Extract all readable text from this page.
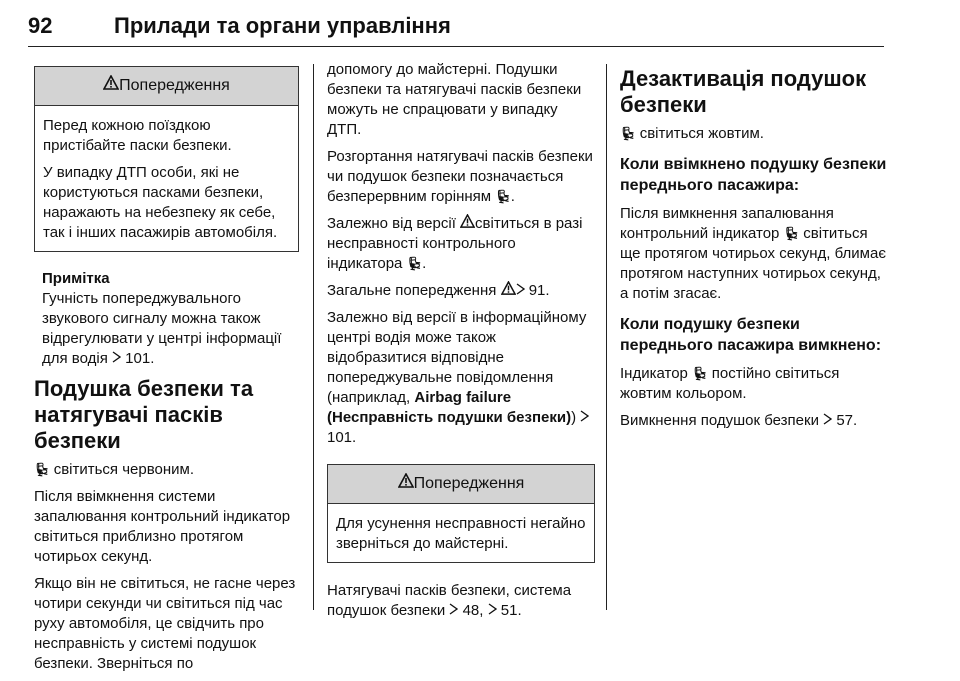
92	Прилади та органи управління
Попередження

Перед кожною поїздкою пристібайте паски безпеки.

У випадку ДТП особи, які не користуються пасками безпеки, наражають на небезпеку як себе, так і інших пасажирів автомобіля.

Примітка

Гучність попереджувального звукового сигналу можна також відрегулювати у центрі інформації для водія 101.

Подушка безпеки та натягувачі пасків безпеки

💺︎ світиться червоним.

Після ввімкнення системи запалювання контрольний індикатор світиться приблизно протягом чотирьох секунд.

Якщо він не світиться, не гасне через чотири секунди чи світиться під час руху автомобіля, це свідчить про несправність у системі подушок безпеки. Зверніться по

допомогу до майстерні. Подушки безпеки та натягувачі пасків безпеки можуть не спрацювати у випадку ДТП.

Розгортання натягувачі пасків безпеки чи подушок безпеки позначається безперервним горінням 💺︎.

Залежно від версії світиться в разі несправності контрольного індикатора 💺︎.

Загальне попередження 91.

Залежно від версії в інформаційному центрі водія може також відобразитися відповідне попереджувальне повідомлення (наприклад, Airbag failure (Несправність подушки безпеки))  101.

Попередження

Для усунення несправності негайно зверніться до майстерні.

Натягувачі пасків безпеки, система подушок безпеки 48, 51.

Дезактивація подушок безпеки

💺︎ світиться жовтим.

Коли ввімкнено подушку безпеки переднього пасажира:

Після вимкнення запалювання контрольний індикатор 💺︎ світиться ще протягом чотирьох секунд, блимає протягом наступних чотирьох секунд, а потім згасає.

Коли подушку безпеки переднього пасажира вимкнено:

Індикатор 💺︎ постійно світиться жовтим кольором.

Вимкнення подушок безпеки 57.
